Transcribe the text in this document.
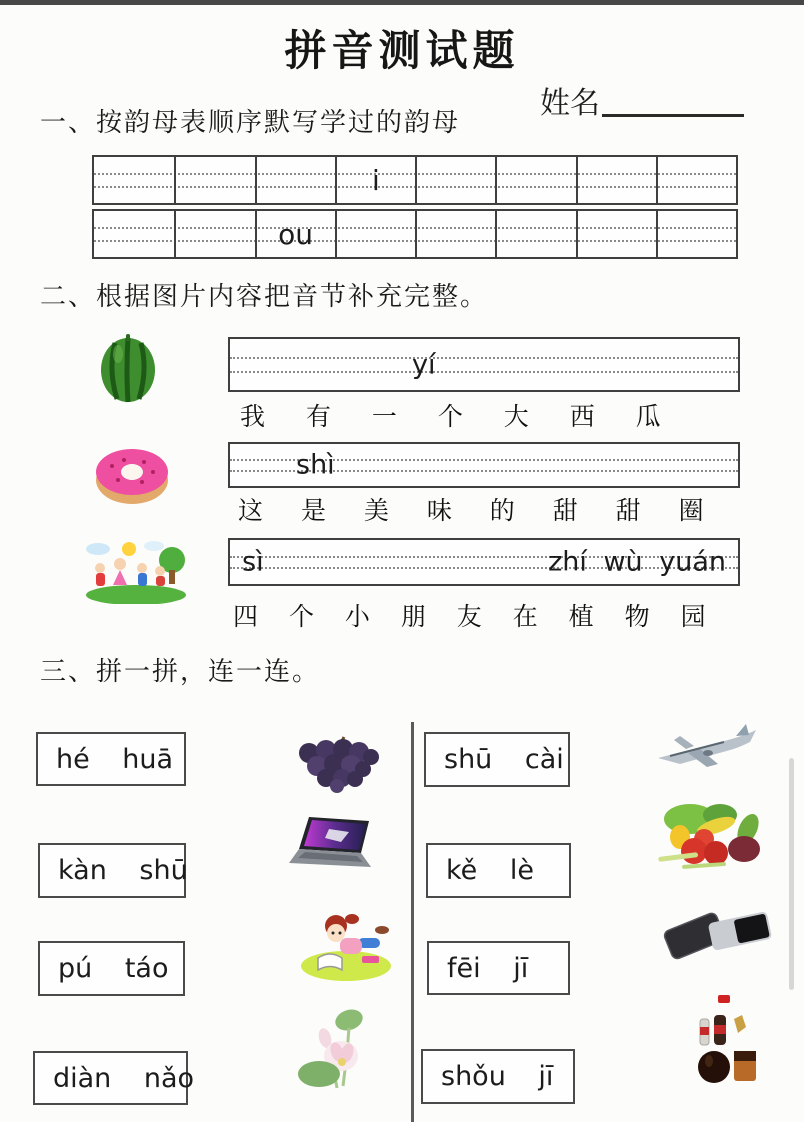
拼音测试题
姓名
一、按韵母表顺序默写学过的韵母
i
ou
二、根据图片内容把音节补充完整。
yí
我 有 一 个 大 西 瓜
shì
这 是 美 味 的 甜 甜 圈
sì	zhí wù yuán
四 个 小 朋 友 在 植 物 园
三、拼一拼，连一连。
hé huā
kàn shū
pú táo
diàn nǎo
shū cài
kě lè
fēi jī
shǒu jī
